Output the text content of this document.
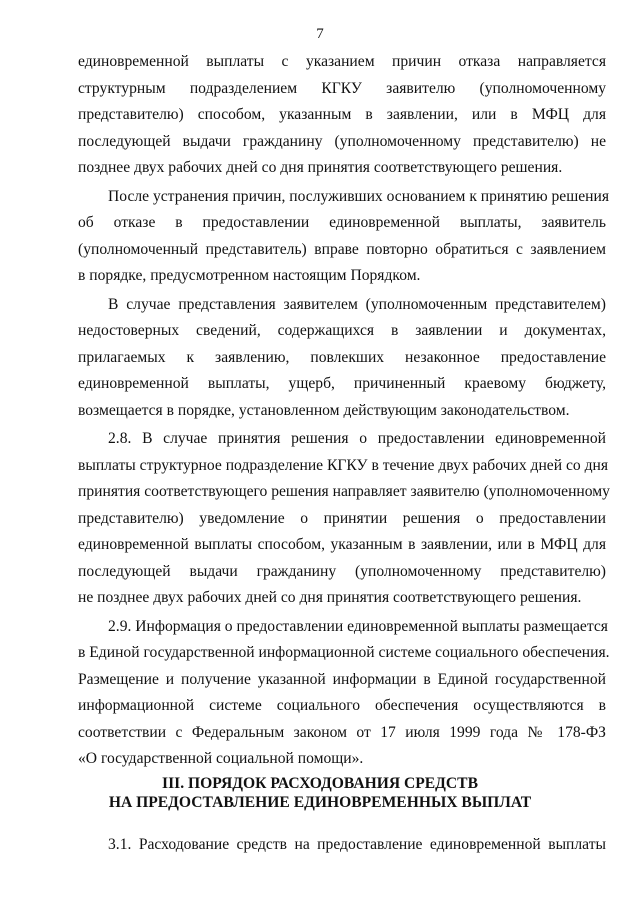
7

единовременной выплаты с указанием причин отказа направляется
структурным подразделением КГКУ заявителю (уполномоченному
представителю) способом, указанным в заявлении, или в МФЦ для
последующей выдачи гражданину (уполномоченному представителю) не
позднее двух рабочих дней со дня принятия соответствующего решения.

После устранения причин, послуживших основанием к принятию решения
об отказе в предоставлении единовременной выплаты, заявитель
(уполномоченный представитель) вправе повторно обратиться с заявлением
в порядке, предусмотренном настоящим Порядком.

В случае представления заявителем (уполномоченным представителем)
недостоверных сведений, содержащихся в заявлении и документах,
прилагаемых к заявлению, повлекших незаконное предоставление
единовременной выплаты, ущерб, причиненный краевому бюджету,
возмещается в порядке, установленном действующим законодательством.

2.8. В случае принятия решения о предоставлении единовременной
выплаты структурное подразделение КГКУ в течение двух рабочих дней со дня
принятия соответствующего решения направляет заявителю (уполномоченному
представителю) уведомление о принятии решения о предоставлении
единовременной выплаты способом, указанным в заявлении, или в МФЦ для
последующей выдачи гражданину (уполномоченному представителю)
не позднее двух рабочих дней со дня принятия соответствующего решения.

2.9. Информация о предоставлении единовременной выплаты размещается
в Единой государственной информационной системе социального обеспечения.
Размещение и получение указанной информации в Единой государственной
информационной системе социального обеспечения осуществляются в
соответствии с Федеральным законом от 17 июля 1999 года № 178-ФЗ
«О государственной социальной помощи».

III. ПОРЯДОК РАСХОДОВАНИЯ СРЕДСТВ
НА ПРЕДОСТАВЛЕНИЕ ЕДИНОВРЕМЕННЫХ ВЫПЛАТ
3.1. Расходование средств на предоставление единовременной выплаты
